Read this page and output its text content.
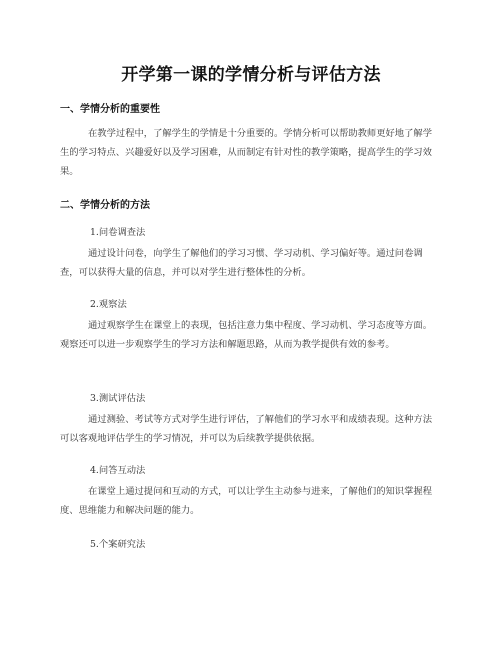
开学第一课的学情分析与评估方法
一、学情分析的重要性
在教学过程中，了解学生的学情是十分重要的。学情分析可以帮助教师更好地了解学生的学习特点、兴趣爱好以及学习困难，从而制定有针对性的教学策略，提高学生的学习效果。
二、学情分析的方法
1.问卷调查法
通过设计问卷，向学生了解他们的学习习惯、学习动机、学习偏好等。通过问卷调查，可以获得大量的信息，并可以对学生进行整体性的分析。
2.观察法
通过观察学生在课堂上的表现，包括注意力集中程度、学习动机、学习态度等方面。观察还可以进一步观察学生的学习方法和解题思路，从而为教学提供有效的参考。
3.测试评估法
通过测验、考试等方式对学生进行评估，了解他们的学习水平和成绩表现。这种方法可以客观地评估学生的学习情况，并可以为后续教学提供依据。
4.问答互动法
在课堂上通过提问和互动的方式，可以让学生主动参与进来，了解他们的知识掌握程度、思维能力和解决问题的能力。
5.个案研究法
